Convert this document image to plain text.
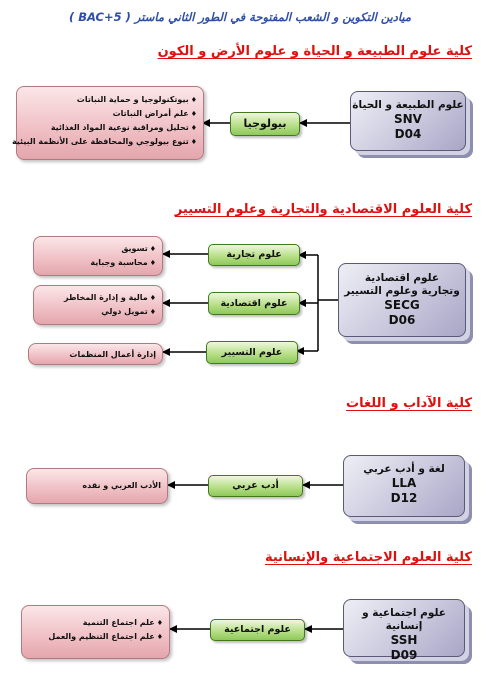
ميادين التكوين و الشعب المفتوحة في الطور الثاني ماستر ( BAC+5 )
كلية علوم الطبيعة و الحياة و علوم الأرض و الكون
علوم الطبيعة و الحياة
SNV
D04
بيولوجيا
♦ بيوتكنولوجيا و حماية النباتات
♦ علم أمراض النباتات
♦ تحليل ومراقبة نوعية المواد الغذائية
♦ تنوع بيولوجي والمحافظة على الأنظمة البيئية
كلية العلوم الاقتصادية والتجارية وعلوم التسيير
علوم اقتصادية
وتجارية وعلوم التسيير
SECG
D06
علوم تجارية
علوم اقتصادية
علوم التسيير
♦ تسويق
♦ محاسبة وجباية
♦ مالية و إدارة المخاطر
♦ تمويل دولي
إدارة أعمال المنظمات
كلية الآداب و اللغات
لغة و أدب عربي
LLA
D12
أدب عربي
الأدب العربي و نقده
كلية العلوم الاجتماعية والإنسانية
علوم اجتماعية و إنسانية
SSH
D09
علوم اجتماعية
♦ علم اجتماع التنمية
♦ علم اجتماع التنظيم والعمل
